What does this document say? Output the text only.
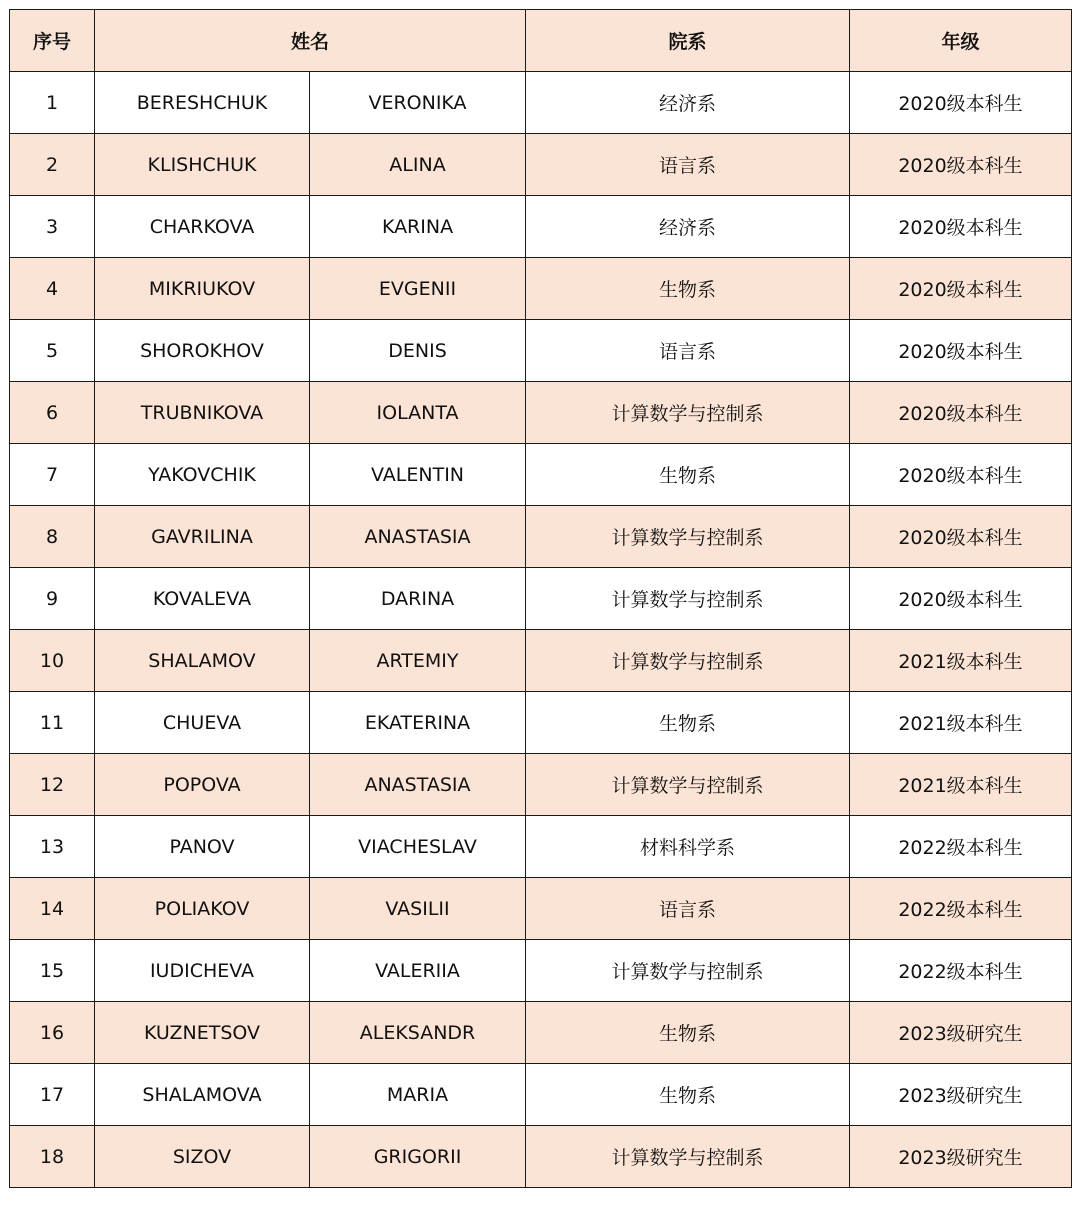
序号	姓名		院系	年级
1	BERESHCHUK	VERONIKA	经济系	2020级本科生
2	KLISHCHUK	ALINA	语言系	2020级本科生
3	CHARKOVA	KARINA	经济系	2020级本科生
4	MIKRIUKOV	EVGENII	生物系	2020级本科生
5	SHOROKHOV	DENIS	语言系	2020级本科生
6	TRUBNIKOVA	IOLANTA	计算数学与控制系	2020级本科生
7	YAKOVCHIK	VALENTIN	生物系	2020级本科生
8	GAVRILINA	ANASTASIA	计算数学与控制系	2020级本科生
9	KOVALEVA	DARINA	计算数学与控制系	2020级本科生
10	SHALAMOV	ARTEMIY	计算数学与控制系	2021级本科生
11	CHUEVA	EKATERINA	生物系	2021级本科生
12	POPOVA	ANASTASIA	计算数学与控制系	2021级本科生
13	PANOV	VIACHESLAV	材料科学系	2022级本科生
14	POLIAKOV	VASILII	语言系	2022级本科生
15	IUDICHEVA	VALERIIA	计算数学与控制系	2022级本科生
16	KUZNETSOV	ALEKSANDR	生物系	2023级研究生
17	SHALAMOVA	MARIA	生物系	2023级研究生
18	SIZOV	GRIGORII	计算数学与控制系	2023级研究生
